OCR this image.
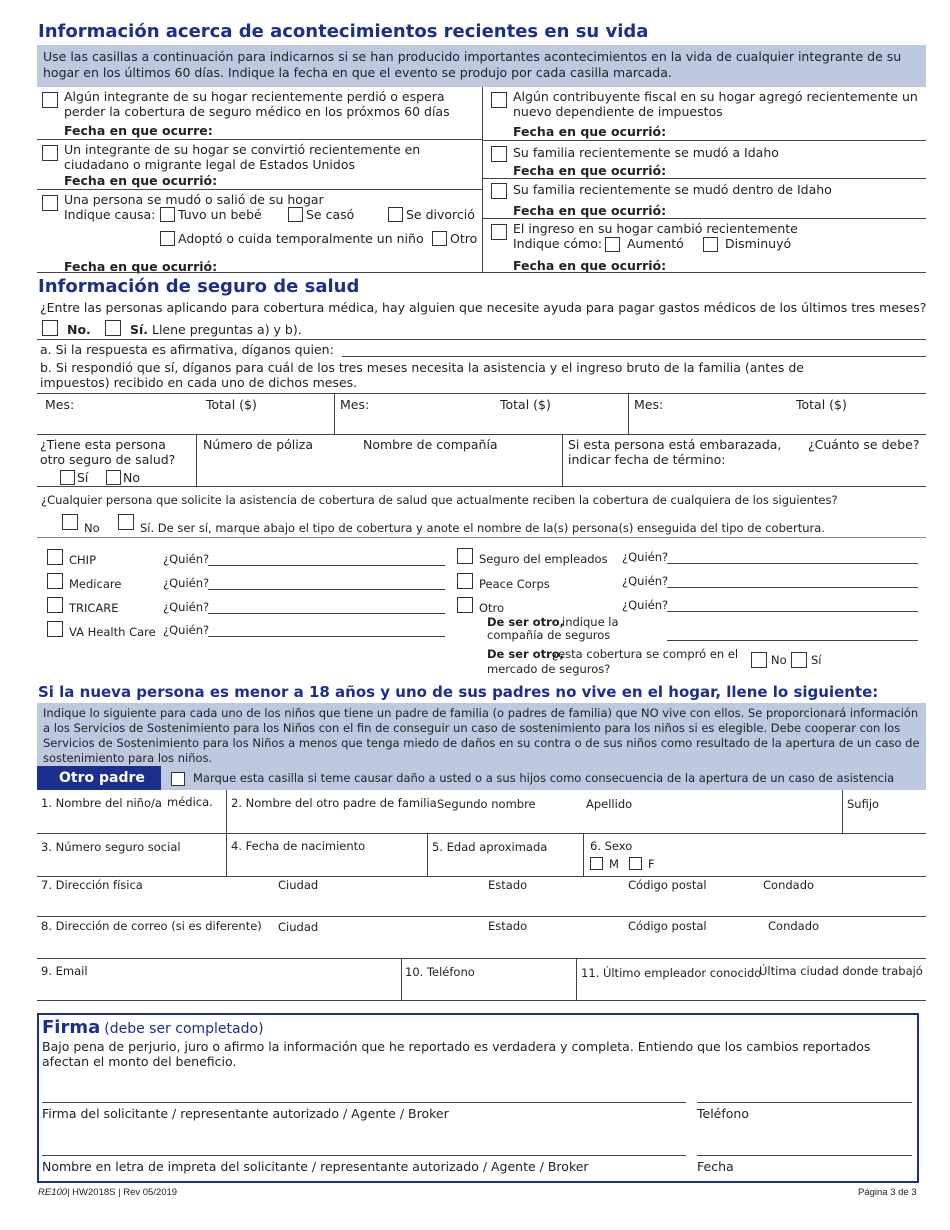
Información acerca de acontecimientos recientes en su vida
Use las casillas a continuación para indicarnos si se han producido importantes acontecimientos en la vida de cualquier integrante de su hogar en los últimos 60 días. Indique la fecha en que el evento se produjo por cada casilla marcada.
Algún integrante de su hogar recientemente perdió o espera
perder la cobertura de seguro médico en los próxmos 60 días
Fecha en que ocurre:
Un integrante de su hogar se convirtió recientemente en
ciudadano o migrante legal de Estados Unidos
Fecha en que ocurrió:
Una persona se mudó o salió de su hogar
Indique causa: Tuvo un bebé	Se casó	Se divorció
Adoptó o cuida temporalmente un niño Otro
Fecha en que ocurrió:
Algún contribuyente fiscal en su hogar agregó recientemente un
nuevo dependiente de impuestos
Fecha en que ocurrió:
Su familia recientemente se mudó a Idaho
Fecha en que ocurrió:
Su familia recientemente se mudó dentro de Idaho
Fecha en que ocurrió:
El ingreso en su hogar cambió recientemente
Indique cómo: Aumentó	Disminuyó
Fecha en que ocurrió:
Información de seguro de salud
¿Entre las personas aplicando para cobertura médica, hay alguien que necesite ayuda para pagar gastos médicos de los últimos tres meses?
No.	Sí. Llene preguntas a) y b).
a. Si la respuesta es afirmativa, díganos quien:
b. Si respondió que sí, díganos para cuál de los tres meses necesita la asistencia y el ingreso bruto de la familia (antes de
impuestos) recibido en cada uno de dichos meses.
Mes:	Total ($)	Mes:	Total ($)	Mes:	Total ($)
¿Tiene esta persona
otro seguro de salud?
Sí	No
Número de póliza	Nombre de compañía	Si esta persona está embarazada,
indicar fecha de término:
¿Cuánto se debe?
¿Cualquier persona que solicite la asistencia de cobertura de salud que actualmente reciben la cobertura de cualquiera de los siguientes?
No	Sí. De ser sí, marque abajo el tipo de cobertura y anote el nombre de la(s) persona(s) enseguida del tipo de cobertura.
CHIP	¿Quién?
Medicare	¿Quién?
TRICARE	¿Quién?
VA Health Care ¿Quién?
Seguro del empleados ¿Quién?
Peace Corps	¿Quién?
Otro	¿Quién?
De ser otro,
indique la
compañía de seguros
De ser otro,
¿esta cobertura se compró en el
mercado de seguros?
No Sí
Si la nueva persona es menor a 18 años y uno de sus padres no vive en el hogar, llene lo siguiente:
Indique lo siguiente para cada uno de los niños que tiene un padre de familia (o padres de familia) que NO vive con ellos. Se proporcionará información a los Servicios de Sostenimiento para los Niños con el fin de conseguir un caso de sostenimiento para los niños si es elegible. Debe cooperar con los Servicios de Sostenimiento para los Niños a menos que tenga miedo de daños en su contra o de sus niños como resultado de la apertura de un caso de sostenimiento para los niños.
Otro padre	Marque esta casilla si teme causar daño a usted o a sus hijos como consecuencia de la apertura de un caso de asistencia médica.
1. Nombre del niño/a	2. Nombre del otro padre de familia Segundo nombre	Apellido	Sufijo
3. Número seguro social	4. Fecha de nacimiento	5. Edad aproximada	6. Sexo
M	F
7. Dirección física	Ciudad	Estado	Código postal	Condado
8. Dirección de correo (si es diferente) Ciudad	Estado	Código postal	Condado
9. Email	10. Teléfono	11. Último empleador conocido
Última ciudad donde trabajó
Firma (debe ser completado)
Bajo pena de perjurio, juro o afirmo la información que he reportado es verdadera y completa. Entiendo que los cambios reportados
afectan el monto del beneficio.
Firma del solicitante / representante autorizado / Agente / Broker	Teléfono
Nombre en letra de impreta del solicitante / representante autorizado / Agente / Broker	Fecha
RE100| HW2018S | Rev 05/2019	Página 3 de 3
